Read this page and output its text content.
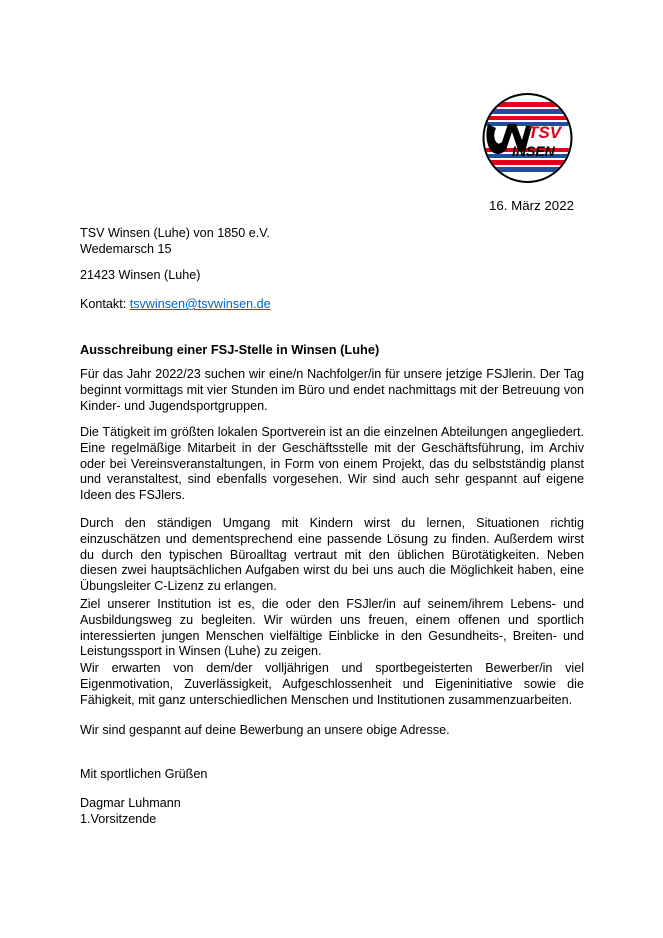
TSV
INSEN
16. März 2022
TSV Winsen (Luhe) von 1850 e.V.
Wedemarsch 15
21423 Winsen (Luhe)
Kontakt: tsvwinsen@tsvwinsen.de
Ausschreibung einer FSJ-Stelle in Winsen (Luhe)

Für das Jahr 2022/23 suchen wir eine/n Nachfolger/in für unsere jetzige FSJlerin. Der Tag beginnt vormittags mit vier Stunden im Büro und endet nachmittags mit der Betreuung von Kinder- und Jugendsportgruppen.

Die Tätigkeit im größten lokalen Sportverein ist an die einzelnen Abteilungen angegliedert. Eine regelmäßige Mitarbeit in der Geschäftsstelle mit der Geschäftsführung, im Archiv oder bei Vereinsveranstaltungen, in Form von einem Projekt, das du selbstständig planst und veranstaltest, sind ebenfalls vorgesehen. Wir sind auch sehr gespannt auf eigene Ideen des FSJlers.

Durch den ständigen Umgang mit Kindern wirst du lernen, Situationen richtig einzuschätzen und dementsprechend eine passende Lösung zu finden. Außerdem wirst du durch den typischen Büroalltag vertraut mit den üblichen Bürotätigkeiten. Neben diesen zwei hauptsächlichen Aufgaben wirst du bei uns auch die Möglichkeit haben, eine Übungsleiter C-Lizenz zu erlangen.

Ziel unserer Institution ist es, die oder den FSJler/in auf seinem/ihrem Lebens- und Ausbildungsweg zu begleiten. Wir würden uns freuen, einem offenen und sportlich interessierten jungen Menschen vielfältige Einblicke in den Gesundheits-, Breiten- und Leistungssport in Winsen (Luhe) zu zeigen.

Wir erwarten von dem/der volljährigen und sportbegeisterten Bewerber/in viel Eigenmotivation, Zuverlässigkeit, Aufgeschlossenheit und Eigeninitiative sowie die Fähigkeit, mit ganz unterschiedlichen Menschen und Institutionen zusammenzuarbeiten.

Wir sind gespannt auf deine Bewerbung an unsere obige Adresse.

Mit sportlichen Grüßen
Dagmar Luhmann
1.Vorsitzende
